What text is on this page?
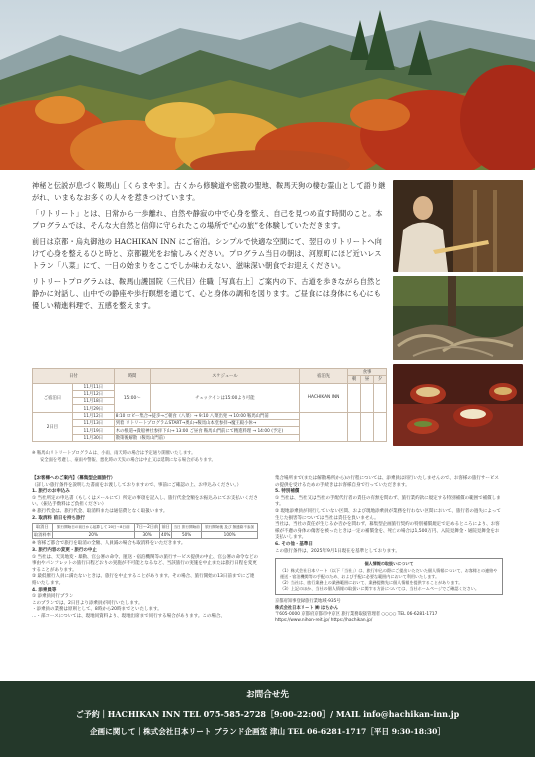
神秘と伝説が息づく鞍馬山［くらまやま］。古くから修験道や密教の聖地、鞍馬天狗の棲む霊山として語り継がれ、いまもなお多くの人々を惹きつけています。

「リトリート」とは、日常から一歩離れ、自然や静寂の中で心身を整え、自己を見つめ直す時間のこと。本プログラムでは、そんな大自然と信仰に守られたこの場所で“心の旅”を体験していただきます。

前日は京都・烏丸御池の HACHIKAN INN にご宿泊。シンプルで快適な空間にて、翌日のリトリートへ向けて心身を整えるひと時と、京都観光をお愉しみください。プログラム当日の朝は、河原町にほど近いレストラン「八菜」にて、一日の始まりをここでしか味わえない、滋味深い朝食でお迎えください。

リトリートプログラムは、鞍馬山護国院（三代目）住職［写真右上］ご案内の下、古道を歩きながら自然と静かに対話し、山中での静座や歩行瞑想を通じて、心と身体の調和を図ります。ご昼食には身体にも心にも優しい精進料理で、五感を整えます。

日付		時間	スケジュール	宿泊先	食事		
					朝	昼	夕
ご宿泊日	11月11日	15:00〜	チェックインは15:00より可能	HACHIKAN INN			
	11月12日						
	11月18日						
	11月29日						
2日目	11月12日	8:10 ロビー集合→徒歩→ご朝食（八菜）→ 9:10 八菜出発 → 10:00 鞍馬山門前					
	11月13日	到着 リトリートプログラムSTART→奥山→鞍馬山本堂参拝→魔王殿小休→					
	11月19日	木の根道→貴船神社参拝下山→ 13:00 ご昼食 鞍馬山門前にて精進料理 → 14:00 (予定)					
	11月30日	散策後解散（鞍馬山門前）					
※ 鞍馬山リトリートプログラムは、小雨、雨天時の場合は予定通り開催いたします。
安全面を考慮し、豪雨や警報、悪化時の天災の場合は中止又は延期になる場合があります。
【お客様へのご案内】（募集型企画旅行）
（詳しい旅行条件を説明した書面をお渡ししておりますので、事前にご確認の上、お申込みください。）
1. 旅行のお申込み
① 当社所定の申込書（もしくはメールにて）所定の事項を記入し、旅行代金全額をお振込みにてお支払いください。（振込手数料はご負担ください）
※ 旅行代金は、旅行代金、取消料または通信費となく取扱います。
2. 取消料 前日を持ち旅行
取消日	旅行開始日の前日から起算して 20日〜8日前	7日〜2日前	前日	当日 旅行開始前	旅行開始後 及び 無連絡不参加
取消料率	20%	30%	40%	50%	100%
※ 客様ご都合で旅行を取消の全額、人員減の場合も取消料をいただきます。
3. 旅行内容の変更・旅行の中止
① 当社は、天災地変・暴動、官公署の命令、運送・宿泊機関等の旅行サービス提供の中止、官公署の命令などの事由やパンフレットの旅行日程どおりの実施が不可能となるなど、当該旅行の実施を中止または旅行日程を変更することがあります。
② 最低催行人員に満たないときは、旅行を中止することがあります。その場合、旅行開始の13日前までにご連絡いたします。
4. 添乗員等
① 添乗員同行プラン
このプランでは、2日目より添乗員が同行いたします。
・添乗員の業務は原則として、8時から20時までといたします。
…・部コースについては、現地同資料より、現地出席まで同行する場合があります。この場合、
集合場所まで(または解散場所から)の行程については、添乗員は同行いたしませんので、お客様の旅行サービスの提供を受けるための手続きはお客様自身で行っていただきます。
5. 特別補償
① 当社は、当社又は当社の手配代行者の責任の有無を問わず、旅行業約款に規定する特別補償の範囲で補償します。
② 現地添乗員が同行していない区間、および現地添乗員が業務を行わない区間において、旅行者の過失によって生じた損害等については当社は責任を負いません。
当社は、当社の責任が生じるか否かを問わず、募集型企画旅行契約の特別補償規定で定めるところにより、お客様が不慮の身体の傷害を被ったときは一定の補償金を、死亡の場合は1,500万円、入院見舞金・通院見舞金をお支払いします。
6. その他・基準日
この旅行条件は、2025年9月1日現在を基準としております。
個人情報の取扱いについて
（1）株式会社日本リート（以下「当社」）は、旅行申込の際にご提出いただいた個人情報について、お客様との連絡や運送・宿泊機関等の手配のため、および手配に必要な範囲内において利用いたします。
（2）当社は、旅行業務上の業務範囲において、業務提携先に個人情報を提供することがあります。
（3）上記のほか、当社の個人情報の取扱いに関する方針については、当社ホームページでご確認ください。
京都府知事登録旅行業地域-935号
株式会社日本リート ㈱ はちかん
〒605-0000 京都府京都市中京区 旅行業務取扱管理者 ○○○○ TEL 06-6281-1717
https://www.nihon-reit.jp/ https://hachikan.jp/
お問合せ先
ご予約｜HACHIKAN INN TEL 075-585-2728［9:00-22:00］/ MAIL info@hachikan-inn.jp
企画に関して｜株式会社日本リート ブランド企画室 津山 TEL 06-6281-1717［平日 9:30-18:30］
